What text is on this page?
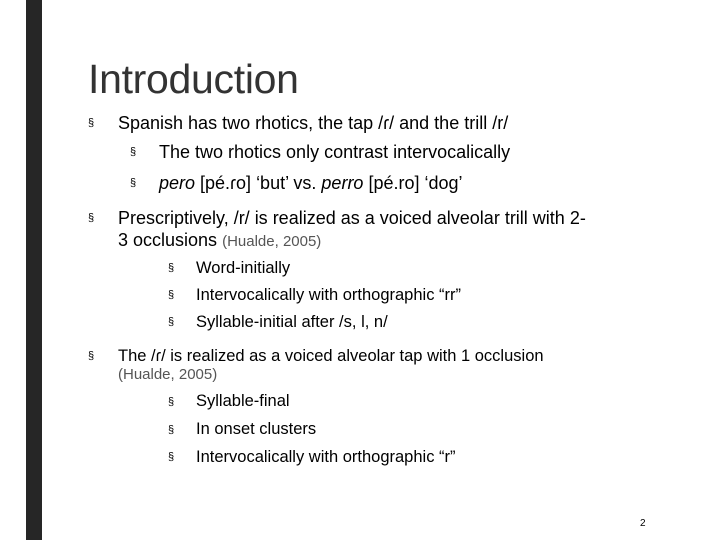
Introduction
§ Spanish has two rhotics, the tap /ɾ/ and the trill /r/
§ The two rhotics only contrast intervocalically
§ pero [pé.ɾo] ‘but’ vs. perro [pé.ro] ‘dog’
§ Prescriptively, /r/ is realized as a voiced alveolar trill with 2-
3 occlusions (Hualde, 2005)
§ Word-initially
§ Intervocalically with orthographic “rr”
§ Syllable-initial after /s, l, n/
§ The /ɾ/ is realized as a voiced alveolar tap with 1 occlusion
(Hualde, 2005)
§ Syllable-final
§ In onset clusters
§ Intervocalically with orthographic “r”
2
